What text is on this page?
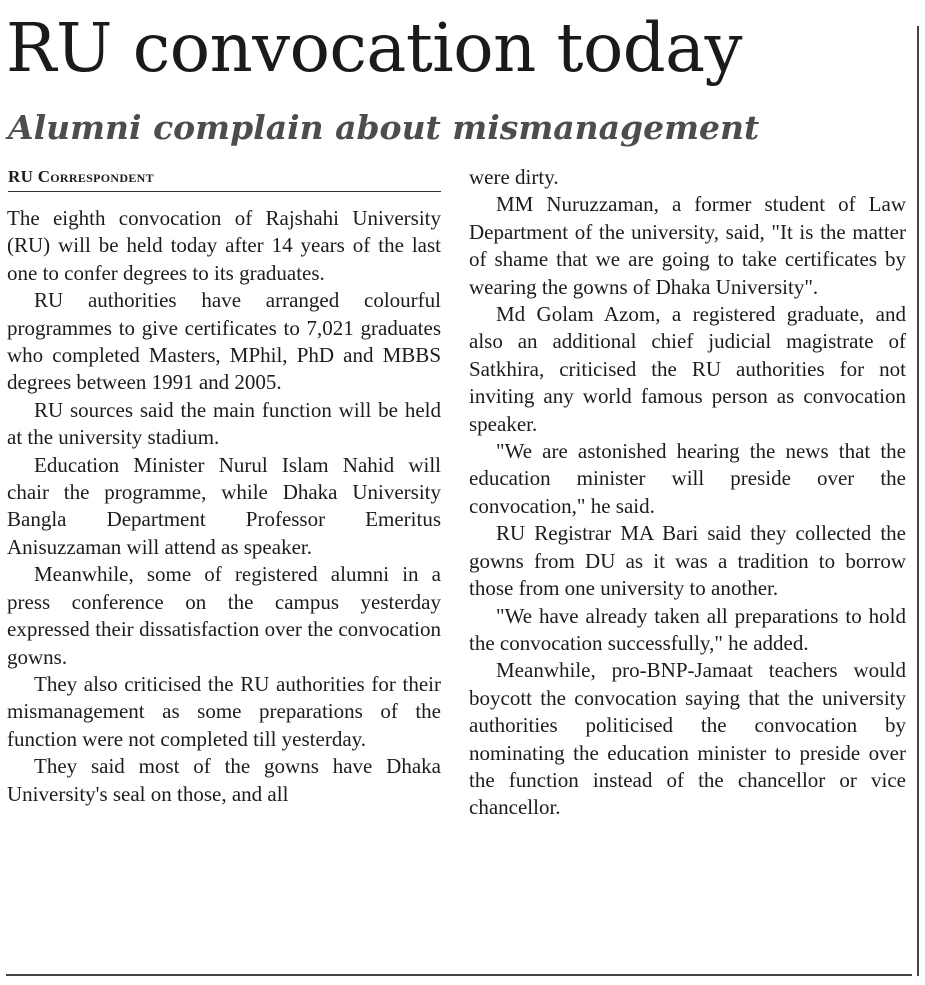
RU convocation today
Alumni complain about mismanagement
RU Correspondent

The eighth convocation of Rajshahi University (RU) will be held today after 14 years of the last one to confer degrees to its graduates.

RU authorities have arranged colourful programmes to give certificates to 7,021 graduates who completed Masters, MPhil, PhD and MBBS degrees between 1991 and 2005.

RU sources said the main function will be held at the university stadium.

Education Minister Nurul Islam Nahid will chair the programme, while Dhaka University Bangla Department Professor Emeritus Anisuzzaman will attend as speaker.

Meanwhile, some of registered alumni in a press conference on the campus yesterday expressed their dissatisfaction over the convocation gowns.

They also criticised the RU authorities for their mismanagement as some preparations of the function were not completed till yesterday.

They said most of the gowns have Dhaka University's seal on those, and all

were dirty.

MM Nuruzzaman, a former student of Law Department of the university, said, "It is the matter of shame that we are going to take certificates by wearing the gowns of Dhaka University".

Md Golam Azom, a registered graduate, and also an additional chief judicial magistrate of Satkhira, criticised the RU authorities for not inviting any world famous person as convocation speaker.

"We are astonished hearing the news that the education minister will preside over the convocation," he said.

RU Registrar MA Bari said they collected the gowns from DU as it was a tradition to borrow those from one university to another.

"We have already taken all preparations to hold the convocation successfully," he added.

Meanwhile, pro-BNP-Jamaat teachers would boycott the convocation saying that the university authorities politicised the convocation by nominating the education minister to preside over the function instead of the chancellor or vice chancellor.
